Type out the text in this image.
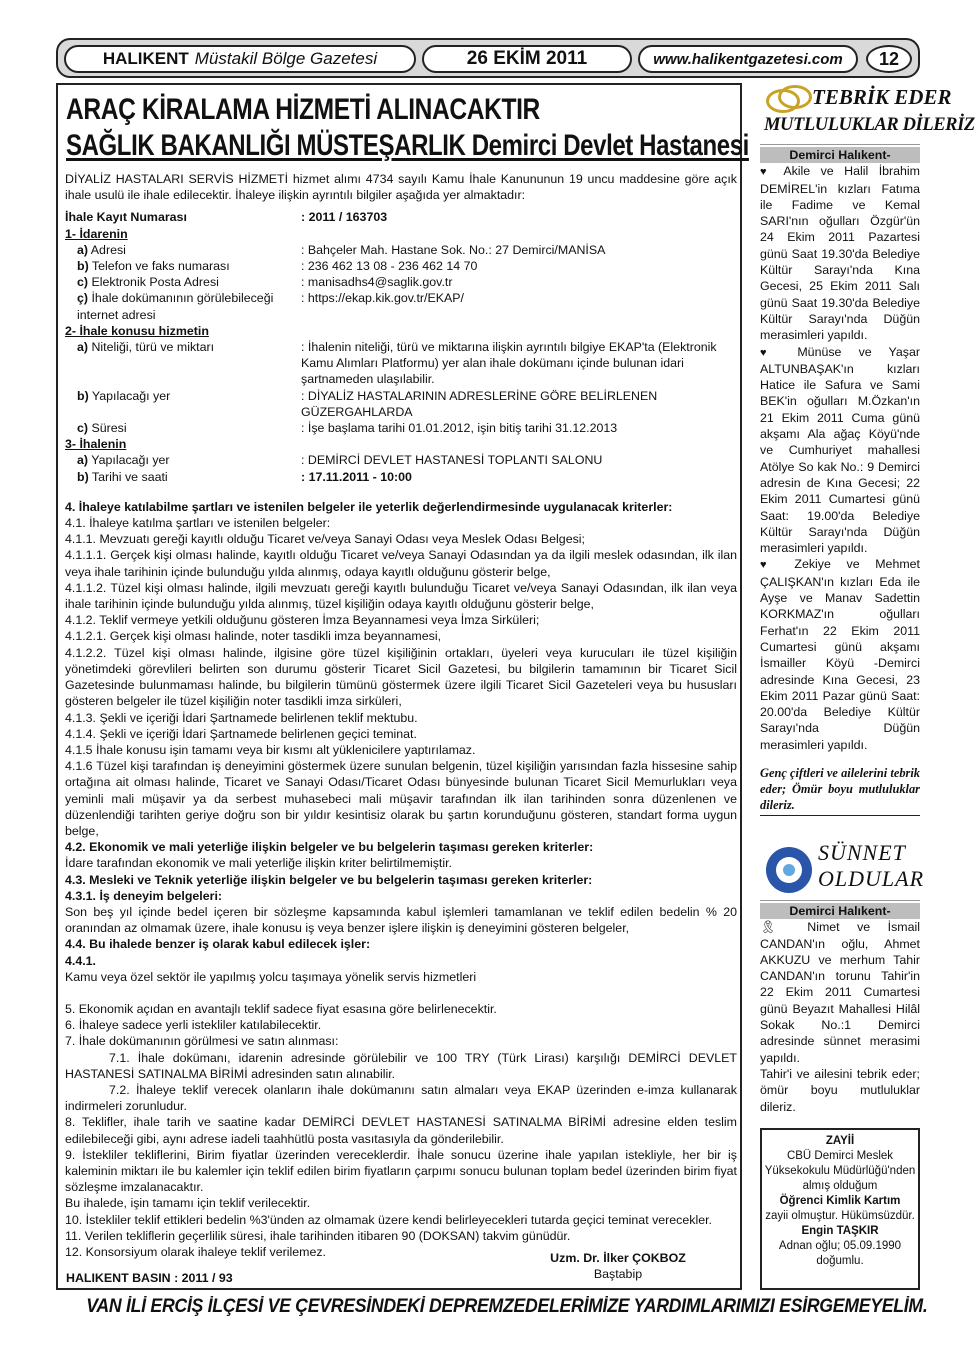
HALIKENT Müstakil Bölge Gazetesi	26 EKİM 2011	www.halikentgazetesi.com	12
ARAÇ KİRALAMA HİZMETİ ALINACAKTIR
SAĞLIK BAKANLIĞI MÜSTEŞARLIK Demirci Devlet Hastanesi

DİYALİZ HASTALARI SERVİS HİZMETİ hizmet alımı 4734 sayılı Kamu İhale Kanununun 19 uncu maddesine göre açık ihale usulü ile ihale edilecektir. İhaleye ilişkin ayrıntılı bilgiler aşağıda yer almaktadır:

İhale Kayıt Numarası	: 2011 / 163703
1- İdarenin
a) Adresi	: Bahçeler Mah. Hastane Sok. No.: 27 Demirci/MANİSA
b) Telefon ve faks numarası	: 236 462 13 08 - 236 462 14 70
c) Elektronik Posta Adresi	: manisadhs4@saglik.gov.tr
ç) İhale dokümanının görülebileceği internet adresi
: https://ekap.kik.gov.tr/EKAP/
2- İhale konusu hizmetin
a) Niteliği, türü ve miktarı	: İhalenin niteliği, türü ve miktarına ilişkin ayrıntılı bilgiye EKAP'ta (Elektronik Kamu Alımları Platformu) yer alan ihale dokümanı içinde bulunan idari şartnameden ulaşılabilir.
b) Yapılacağı yer	: DİYALİZ HASTALARININ ADRESLERİNE GÖRE BELİRLENEN GÜZERGAHLARDA
c) Süresi	: İşe başlama tarihi 01.01.2012, işin bitiş tarihi 31.12.2013
3- İhalenin
a) Yapılacağı yer	: DEMİRCİ DEVLET HASTANESİ TOPLANTI SALONU
b) Tarihi ve saati	: 17.11.2011 - 10:00

4. İhaleye katılabilme şartları ve istenilen belgeler ile yeterlik değerlendirmesinde uygulanacak kriterler:

4.1. İhaleye katılma şartları ve istenilen belgeler:

4.1.1. Mevzuatı gereği kayıtlı olduğu Ticaret ve/veya Sanayi Odası veya Meslek Odası Belgesi;

4.1.1.1. Gerçek kişi olması halinde, kayıtlı olduğu Ticaret ve/veya Sanayi Odasından ya da ilgili meslek odasından, ilk ilan veya ihale tarihinin içinde bulunduğu yılda alınmış, odaya kayıtlı olduğunu gösterir belge,

4.1.1.2. Tüzel kişi olması halinde, ilgili mevzuatı gereği kayıtlı bulunduğu Ticaret ve/veya Sanayi Odasından, ilk ilan veya ihale tarihinin içinde bulunduğu yılda alınmış, tüzel kişiliğin odaya kayıtlı olduğunu gösterir belge,

4.1.2. Teklif vermeye yetkili olduğunu gösteren İmza Beyannamesi veya İmza Sirküleri;

4.1.2.1. Gerçek kişi olması halinde, noter tasdikli imza beyannamesi,

4.1.2.2. Tüzel kişi olması halinde, ilgisine göre tüzel kişiliğinin ortakları, üyeleri veya kurucuları ile tüzel kişiliğin yönetimdeki görevlileri belirten son durumu gösterir Ticaret Sicil Gazetesi, bu bilgilerin tamamının bir Ticaret Sicil Gazetesinde bulunmaması halinde, bu bilgilerin tümünü göstermek üzere ilgili Ticaret Sicil Gazeteleri veya bu hususları gösteren belgeler ile tüzel kişiliğin noter tasdikli imza sirküleri,

4.1.3. Şekli ve içeriği İdari Şartnamede belirlenen teklif mektubu.

4.1.4. Şekli ve içeriği İdari Şartnamede belirlenen geçici teminat.

4.1.5 İhale konusu işin tamamı veya bir kısmı alt yüklenicilere yaptırılamaz.

4.1.6 Tüzel kişi tarafından iş deneyimini göstermek üzere sunulan belgenin, tüzel kişiliğin yarısından fazla hissesine sahip ortağına ait olması halinde, Ticaret ve Sanayi Odası/Ticaret Odası bünyesinde bulunan Ticaret Sicil Memurlukları veya yeminli mali müşavir ya da serbest muhasebeci mali müşavir tarafından ilk ilan tarihinden sonra düzenlenen ve düzenlendiği tarihten geriye doğru son bir yıldır kesintisiz olarak bu şartın korunduğunu gösteren, standart forma uygun belge,

4.2. Ekonomik ve mali yeterliğe ilişkin belgeler ve bu belgelerin taşıması gereken kriterler:

İdare tarafından ekonomik ve mali yeterliğe ilişkin kriter belirtilmemiştir.

4.3. Mesleki ve Teknik yeterliğe ilişkin belgeler ve bu belgelerin taşıması gereken kriterler:

4.3.1. İş deneyim belgeleri:

Son beş yıl içinde bedel içeren bir sözleşme kapsamında kabul işlemleri tamamlanan ve teklif edilen bedelin % 20 oranından az olmamak üzere, ihale konusu iş veya benzer işlere ilişkin iş deneyimini gösteren belgeler,

4.4. Bu ihalede benzer iş olarak kabul edilecek işler:

4.4.1.

Kamu veya özel sektör ile yapılmış yolcu taşımaya yönelik servis hizmetleri

5. Ekonomik açıdan en avantajlı teklif sadece fiyat esasına göre belirlenecektir.

6. İhaleye sadece yerli istekliler katılabilecektir.

7. İhale dokümanının görülmesi ve satın alınması:

7.1. İhale dokümanı, idarenin adresinde görülebilir ve 100 TRY (Türk Lirası) karşılığı DEMİRCİ DEVLET HASTANESİ SATINALMA BİRİMİ adresinden satın alınabilir.

7.2. İhaleye teklif verecek olanların ihale dokümanını satın almaları veya EKAP üzerinden e-imza kullanarak indirmeleri zorunludur.

8. Teklifler, ihale tarih ve saatine kadar DEMİRCİ DEVLET HASTANESİ SATINALMA BİRİMİ adresine elden teslim edilebileceği gibi, aynı adrese iadeli taahhütlü posta vasıtasıyla da gönderilebilir.

9. İstekliler tekliflerini, Birim fiyatlar üzerinden vereceklerdir. İhale sonucu üzerine ihale yapılan istekliyle, her bir iş kaleminin miktarı ile bu kalemler için teklif edilen birim fiyatların çarpımı sonucu bulunan toplam bedel üzerinden birim fiyat sözleşme imzalanacaktır.

Bu ihalede, işin tamamı için teklif verilecektir.

10. İstekliler teklif ettikleri bedelin %3'ünden az olmamak üzere kendi belirleyecekleri tutarda geçici teminat verecekler.

11. Verilen tekliflerin geçerlilik süresi, ihale tarihinden itibaren 90 (DOKSAN) takvim günüdür.

12. Konsorsiyum olarak ihaleye teklif verilemez.	Uzm. Dr. İlker ÇOKBOZ
Baştabip
HALIKENT BASIN : 2011 / 93
TEBRİK EDER
MUTLULUKLAR DİLERİZ
Demirci Halıkent-

♥ Akile ve Halil İbrahim DEMİREL'in kızları Fatıma ile Fadime ve Kemal SARI'nın oğulları Özgür'ün 24 Ekim 2011 Pazartesi günü Saat 19.30'da Belediye Kültür Sarayı'nda Kına Gecesi, 25 Ekim 2011 Salı günü Saat 19.30'da Belediye Kültür Sarayı'nda Düğün merasimleri yapıldı.

♥ Münüse ve Yaşar ALTUNBAŞAK'ın kızları Hatice ile Safura ve Sami BEK'in oğulları M.Özkan'ın 21 Ekim 2011 Cuma günü akşamı Ala ağaç Köyü'nde ve Cumhuriyet mahallesi Atölye So kak No.: 9 Demirci adresin de Kına Gecesi; 22 Ekim 2011 Cumartesi günü Saat: 19.00'da Belediye Kültür Sarayı'nda Düğün merasimleri yapıldı.

♥ Zekiye ve Mehmet ÇALIŞKAN'ın kızları Eda ile Ayşe ve Manav Sadettin KORKMAZ'ın oğulları Ferhat'ın 22 Ekim 2011 Cumartesi günü akşamı İsmailler Köyü -Demirci adresinde Kına Gecesi, 23 Ekim 2011 Pazar günü Saat: 20.00'da Belediye Kültür Sarayı'nda Düğün merasimleri yapıldı.

Genç çiftleri ve ailelerini tebrik eder; Ömür boyu mutluluklar dileriz.
SÜNNET
OLDULAR
Demirci Halıkent-

🎗 Nimet ve İsmail CANDAN'ın oğlu, Ahmet AKKUZU ve merhum Tahir CANDAN'ın torunu Tahir'in 22 Ekim 2011 Cumartesi günü Beyazıt Mahallesi Hilâl Sokak No.:1 Demirci adresinde sünnet merasimi yapıldı.

Tahir'i ve ailesini tebrik eder; ömür boyu mutluluklar dileriz.

ZAYİİ
CBÜ Demirci Meslek Yüksekokulu Müdürlüğü'nden almış olduğum
Öğrenci Kimlik Kartım
zayii olmuştur. Hükümsüzdür.
Engin TAŞKIR
Adnan oğlu; 05.09.1990 doğumlu.
VAN İLİ ERCİŞ İLÇESİ VE ÇEVRESİNDEKİ DEPREMZEDELERİMİZE YARDIMLARIMIZI ESİRGEMEYELİM.
